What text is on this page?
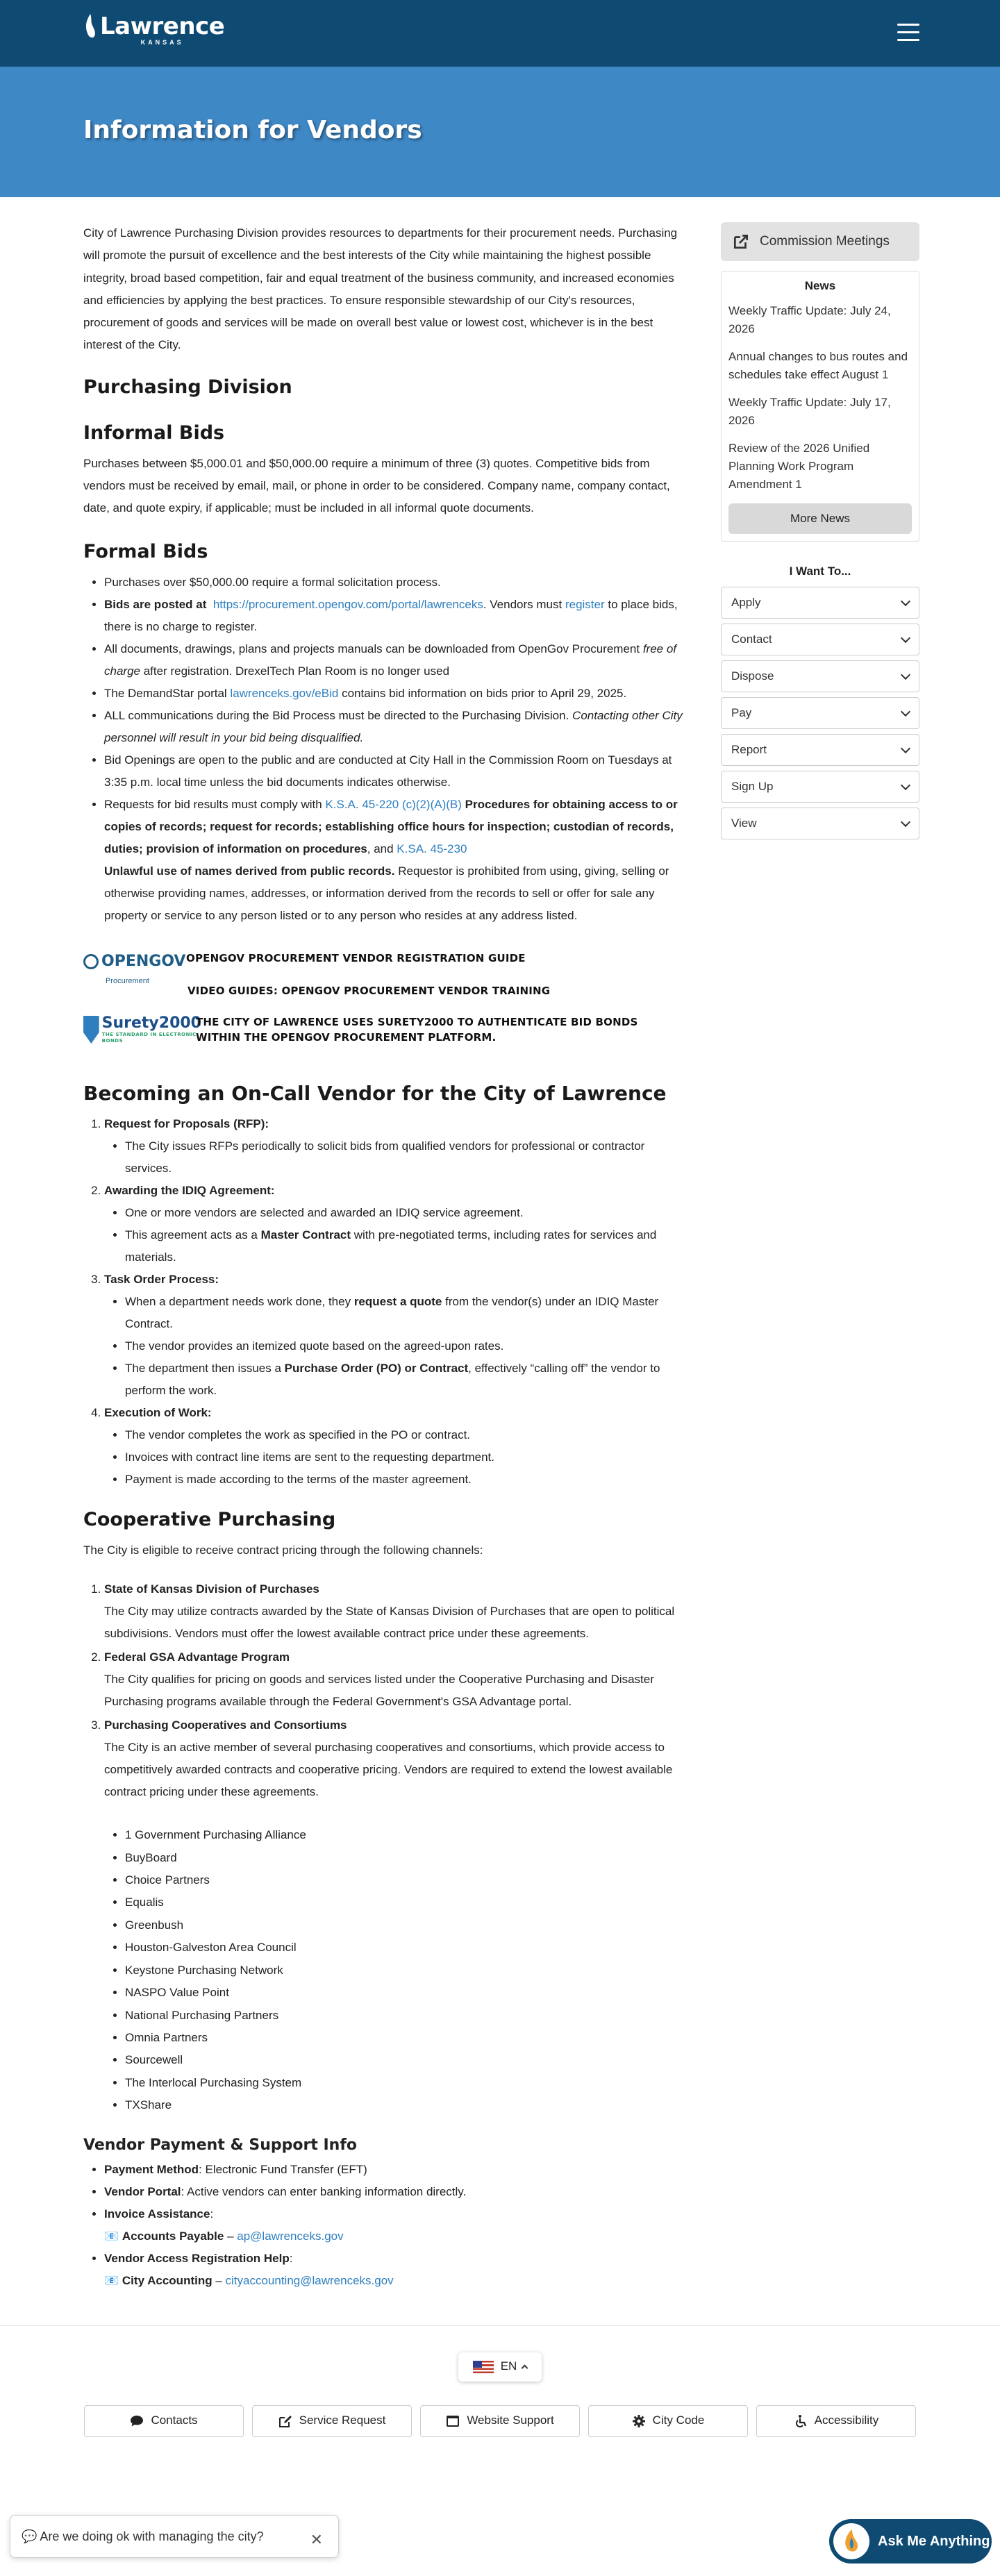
Lawrence
KANSAS
Information for Vendors

City of Lawrence Purchasing Division provides resources to departments for their procurement needs. Purchasing will promote the pursuit of excellence and the best interests of the City while maintaining the highest possible integrity, broad based competition, fair and equal treatment of the business community, and increased economies and efficiencies by applying the best practices. To ensure responsible stewardship of our City's resources, procurement of goods and services will be made on overall best value or lowest cost, whichever is in the best interest of the City.

Purchasing Division
Informal Bids

Purchases between $5,000.01 and $50,000.00 require a minimum of three (3) quotes. Competitive bids from vendors must be received by email, mail, or phone in order to be considered. Company name, company contact, date, and quote expiry, if applicable; must be included in all informal quote documents.

Formal Bids
• Purchases over $50,000.00 require a formal solicitation process.
• Bids are posted at https://procurement.opengov.com/portal/lawrenceks. Vendors must register to place bids, there is no charge to register.
• All documents, drawings, plans and projects manuals can be downloaded from OpenGov Procurement free of charge after registration. DrexelTech Plan Room is no longer used
• The DemandStar portal lawrenceks.gov/eBid contains bid information on bids prior to April 29, 2025.
• ALL communications during the Bid Process must be directed to the Purchasing Division. Contacting other City personnel will result in your bid being disqualified.
• Bid Openings are open to the public and are conducted at City Hall in the Commission Room on Tuesdays at 3:35 p.m. local time unless the bid documents indicates otherwise.
• Requests for bid results must comply with K.S.A. 45-220 (c)(2)(A)(B) Procedures for obtaining access to or copies of records; request for records; establishing office hours for inspection; custodian of records, duties; provision of information on procedures, and K.SA. 45-230
Unlawful use of names derived from public records. Requestor is prohibited from using, giving, selling or otherwise providing names, addresses, or information derived from the records to sell or offer for sale any property or service to any person listed or to any person who resides at any address listed.
OPENGOV
Procurement
OPENGOV PROCUREMENT VENDOR REGISTRATION GUIDE
VIDEO GUIDES: OPENGOV PROCUREMENT VENDOR TRAINING
Surety2000
THE STANDARD IN ELECTRONIC BONDS
THE CITY OF LAWRENCE USES SURETY2000 TO AUTHENTICATE BID BONDS
WITHIN THE OPENGOV PROCUREMENT PLATFORM.
Becoming an On-Call Vendor for the City of Lawrence
1. Request for Proposals (RFP):
• The City issues RFPs periodically to solicit bids from qualified vendors for professional or contractor services.
2. Awarding the IDIQ Agreement:
• One or more vendors are selected and awarded an IDIQ service agreement.
• This agreement acts as a Master Contract with pre-negotiated terms, including rates for services and materials.
3. Task Order Process:
• When a department needs work done, they request a quote from the vendor(s) under an IDIQ Master Contract.
• The vendor provides an itemized quote based on the agreed-upon rates.
• The department then issues a Purchase Order (PO) or Contract, effectively “calling off” the vendor to perform the work.
4. Execution of Work:
• The vendor completes the work as specified in the PO or contract.
• Invoices with contract line items are sent to the requesting department.
• Payment is made according to the terms of the master agreement.
Cooperative Purchasing

The City is eligible to receive contract pricing through the following channels:

1. State of Kansas Division of Purchases

The City may utilize contracts awarded by the State of Kansas Division of Purchases that are open to political subdivisions. Vendors must offer the lowest available contract price under these agreements.

2. Federal GSA Advantage Program

The City qualifies for pricing on goods and services listed under the Cooperative Purchasing and Disaster Purchasing programs available through the Federal Government's GSA Advantage portal.

3. Purchasing Cooperatives and Consortiums

The City is an active member of several purchasing cooperatives and consortiums, which provide access to competitively awarded contracts and cooperative pricing. Vendors are required to extend the lowest available contract pricing under these agreements.

• 1 Government Purchasing Alliance
• BuyBoard
• Choice Partners
• Equalis
• Greenbush
• Houston-Galveston Area Council
• Keystone Purchasing Network
• NASPO Value Point
• National Purchasing Partners
• Omnia Partners
• Sourcewell
• The Interlocal Purchasing System
• TXShare
Vendor Payment & Support Info
• Payment Method: Electronic Fund Transfer (EFT)
• Vendor Portal: Active vendors can enter banking information directly.
• Invoice Assistance:
📧 Accounts Payable – ap@lawrenceks.gov
• Vendor Access Registration Help:
📧 City Accounting – cityaccounting@lawrenceks.gov
Commission Meetings
News
Weekly Traffic Update: July 24, 2026
Annual changes to bus routes and schedules take effect August 1
Weekly Traffic Update: July 17, 2026
Review of the 2026 Unified Planning Work Program Amendment 1
More News
I Want To...
Apply
Contact
Dispose
Pay
Report
Sign Up
View
EN
Contacts	Service Request	Website Support	City Code	Accessibility
💬 Are we doing ok with managing the city?	✕	Ask Me Anything
